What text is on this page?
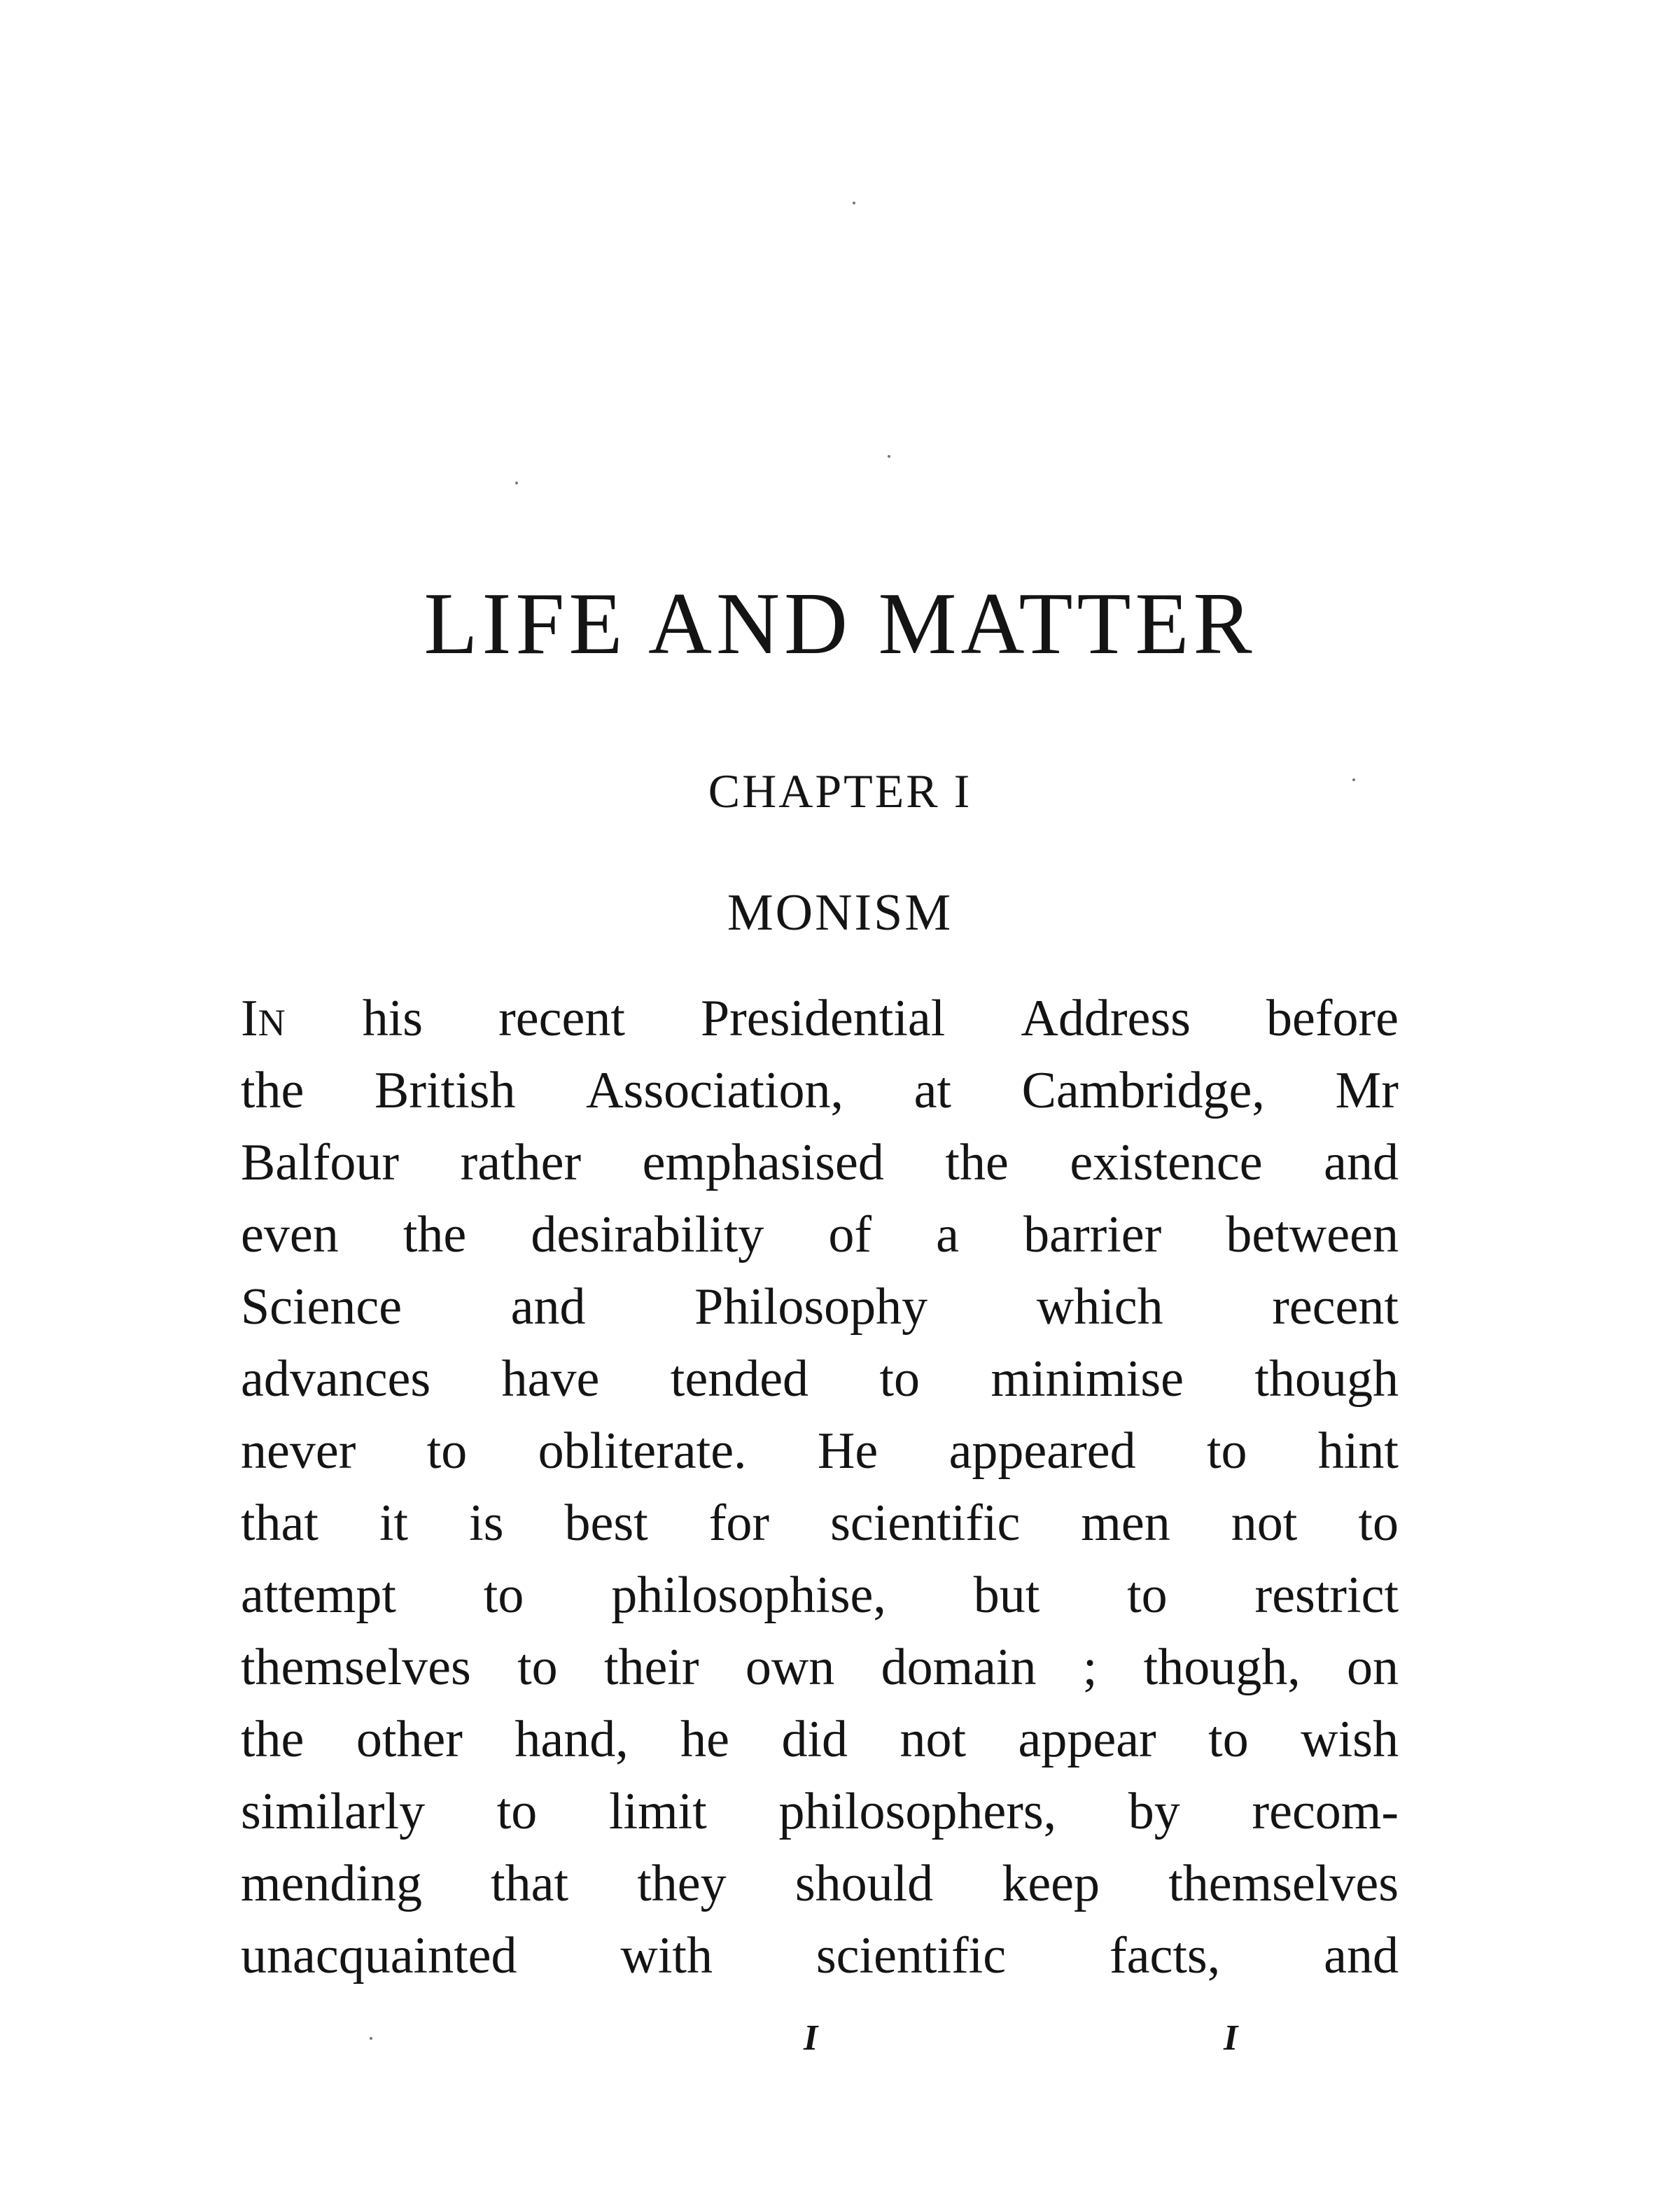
LIFE AND MATTER
CHAPTER I
MONISM
IN his recent Presidential Address before
the British Association, at Cambridge, Mr
Balfour rather emphasised the existence and
even the desirability of a barrier between
Science and Philosophy which recent
advances have tended to minimise though
never to obliterate. He appeared to hint
that it is best for scientific men not to
attempt to philosophise, but to restrict
themselves to their own domain ; though, on
the other hand, he did not appear to wish
similarly to limit philosophers, by recom-
mending that they should keep themselves
unacquainted with scientific facts, and
I	I
